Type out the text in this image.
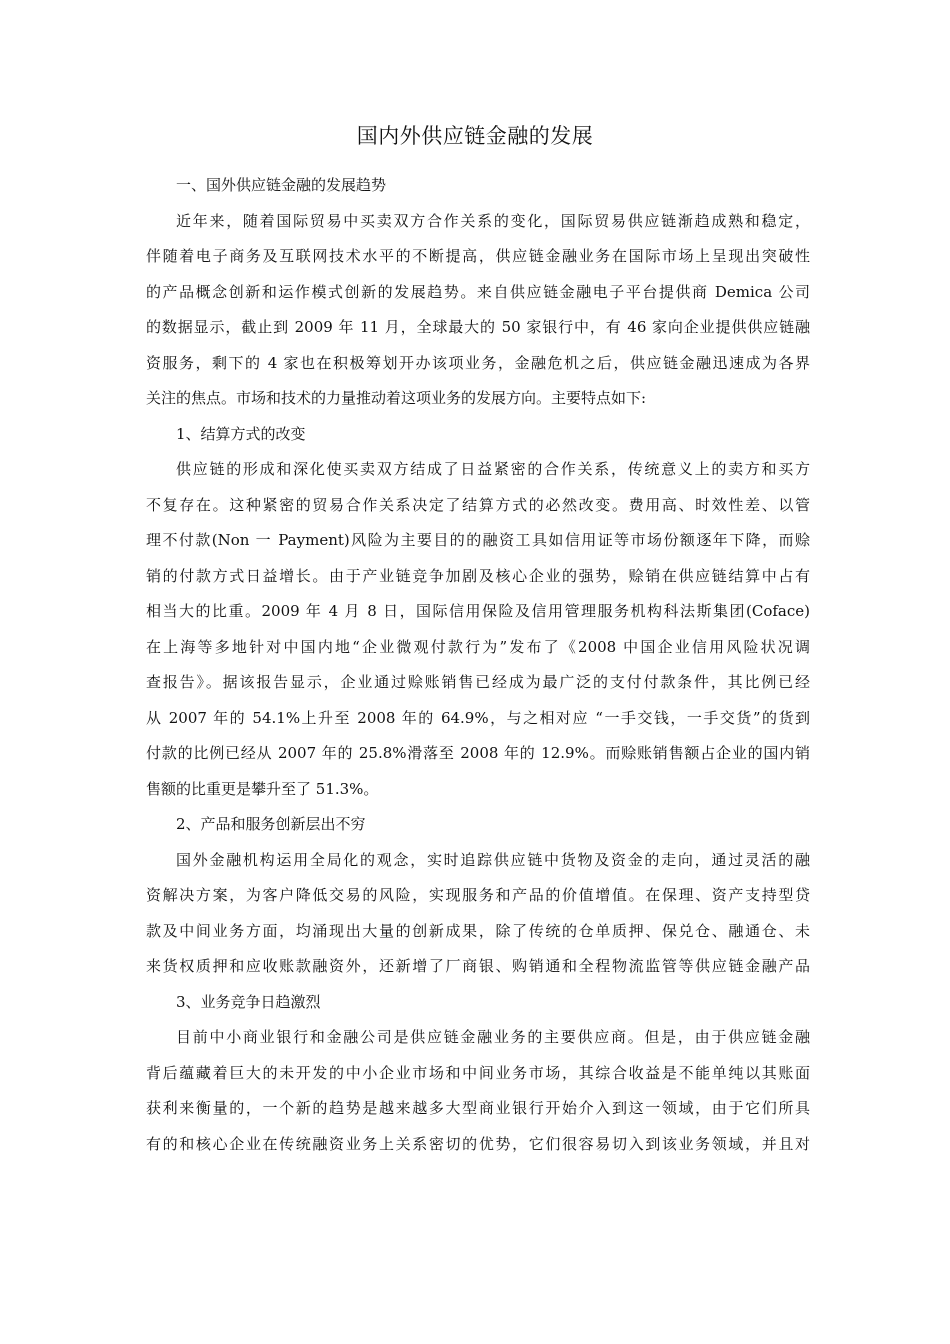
国内外供应链金融的发展
一、国外供应链金融的发展趋势
近年来，随着国际贸易中买卖双方合作关系的变化，国际贸易供应链渐趋成熟和稳定，
伴随着电子商务及互联网技术水平的不断提高，供应链金融业务在国际市场上呈现出突破性
的产品概念创新和运作模式创新的发展趋势。来自供应链金融电子平台提供商 Demica 公司
的数据显示，截止到 2009 年 11 月，全球最大的 50 家银行中，有 46 家向企业提供供应链融
资服务，剩下的 4 家也在积极筹划开办该项业务，金融危机之后，供应链金融迅速成为各界
关注的焦点。市场和技术的力量推动着这项业务的发展方向。主要特点如下:
1、结算方式的改变
供应链的形成和深化使买卖双方结成了日益紧密的合作关系，传统意义上的卖方和买方
不复存在。这种紧密的贸易合作关系决定了结算方式的必然改变。费用高、时效性差、以管
理不付款(Non 一 Payment)风险为主要目的的融资工具如信用证等市场份额逐年下降，而赊
销的付款方式日益增长。由于产业链竞争加剧及核心企业的强势，赊销在供应链结算中占有
相当大的比重。2009 年 4 月 8 日，国际信用保险及信用管理服务机构科法斯集团(Coface)
在上海等多地针对中国内地“企业微观付款行为”发布了《2008 中国企业信用风险状况调
查报告》。据该报告显示，企业通过赊账销售已经成为最广泛的支付付款条件，其比例已经
从 2007 年的 54.1%上升至 2008 年的 64.9%，与之相对应 “一手交钱，一手交货”的货到
付款的比例已经从 2007 年的 25.8%滑落至 2008 年的 12.9%。而赊账销售额占企业的国内销
售额的比重更是攀升至了 51.3%。
2、产品和服务创新层出不穷
国外金融机构运用全局化的观念，实时追踪供应链中货物及资金的走向，通过灵活的融
资解决方案，为客户降低交易的风险，实现服务和产品的价值增值。在保理、资产支持型贷
款及中间业务方面，均涌现出大量的创新成果，除了传统的仓单质押、保兑仓、融通仓、未
来货权质押和应收账款融资外，还新增了厂商银、购销通和全程物流监管等供应链金融产品
3、业务竞争日趋激烈
目前中小商业银行和金融公司是供应链金融业务的主要供应商。但是，由于供应链金融
背后蕴藏着巨大的未开发的中小企业市场和中间业务市场，其综合收益是不能单纯以其账面
获利来衡量的，一个新的趋势是越来越多大型商业银行开始介入到这一领域，由于它们所具
有的和核心企业在传统融资业务上关系密切的优势，它们很容易切入到该业务领域，并且对
